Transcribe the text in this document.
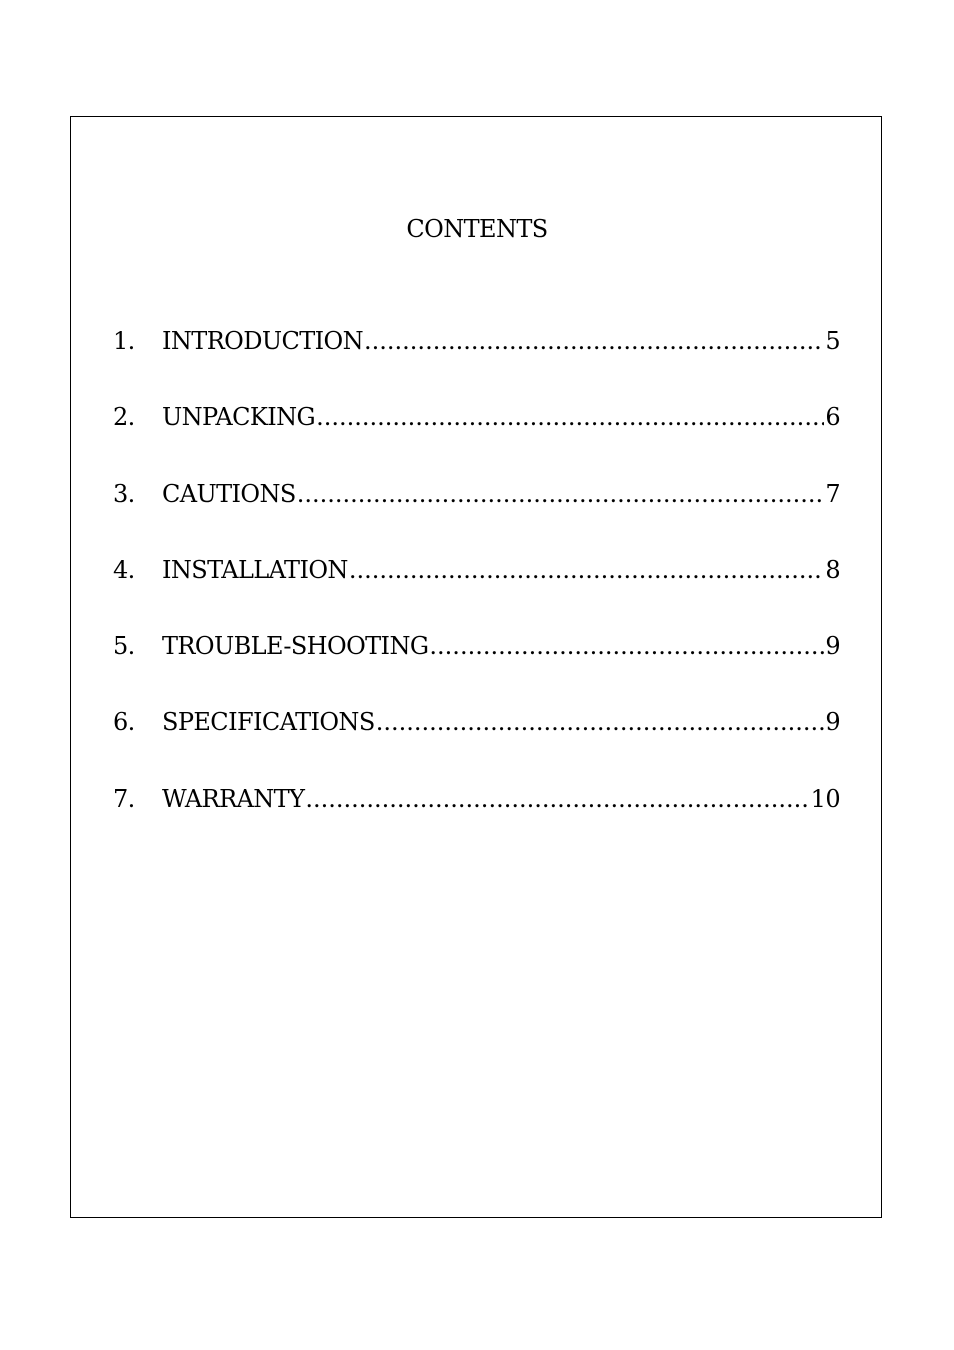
CONTENTS
1.	INTRODUCTION .....	5
2.	UNPACKING .....	6
3.	CAUTIONS .....	7
4.	INSTALLATION .....	8
5.	TROUBLE-SHOOTING .....	9
6.	SPECIFICATIONS .....	9
7.	WARRANTY .....	10
